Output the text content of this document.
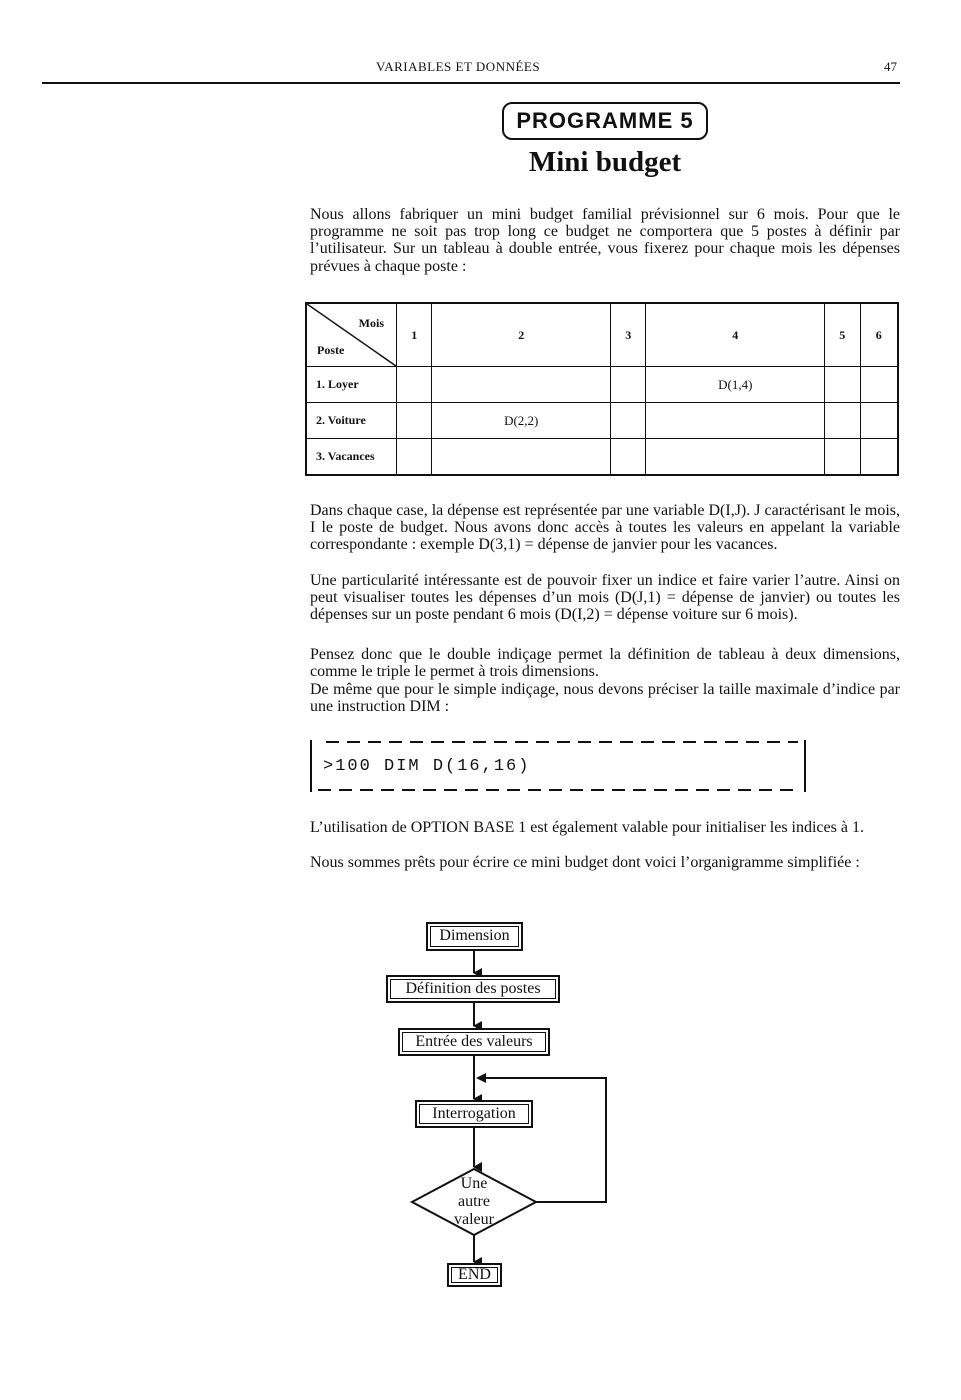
VARIABLES ET DONNÉES	47
PROGRAMME 5
Mini budget

Nous allons fabriquer un mini budget familial prévisionnel sur 6 mois. Pour que le programme ne soit pas trop long ce budget ne comportera que 5 postes à définir par l’utilisateur. Sur un tableau à double entrée, vous fixerez pour chaque mois les dépenses prévues à chaque poste :

Mois
Poste	1	2	3	4	5	6
1. Loyer				D(1,4)		
2. Voiture		D(2,2)				
3. Vacances						

Dans chaque case, la dépense est représentée par une variable D(I,J). J caractérisant le mois, I le poste de budget. Nous avons donc accès à toutes les valeurs en appelant la variable correspondante : exemple D(3,1) = dépense de janvier pour les vacances.

Une particularité intéressante est de pouvoir fixer un indice et faire varier l’autre. Ainsi on peut visualiser toutes les dépenses d’un mois (D(J,1) = dépense de janvier) ou toutes les dépenses sur un poste pendant 6 mois (D(I,2) = dépense voiture sur 6 mois).

Pensez donc que le double indiçage permet la définition de tableau à deux dimensions, comme le triple le permet à trois dimensions.

De même que pour le simple indiçage, nous devons préciser la taille maximale d’indice par une instruction DIM :

>100 DIM D(16,16)

L’utilisation de OPTION BASE 1 est également valable pour initialiser les indices à 1.

Nous sommes prêts pour écrire ce mini budget dont voici l’organigramme simplifiée :

Dimension
Définition des postes
Entrée des valeurs
Interrogation
Une
autre
valeur
END
